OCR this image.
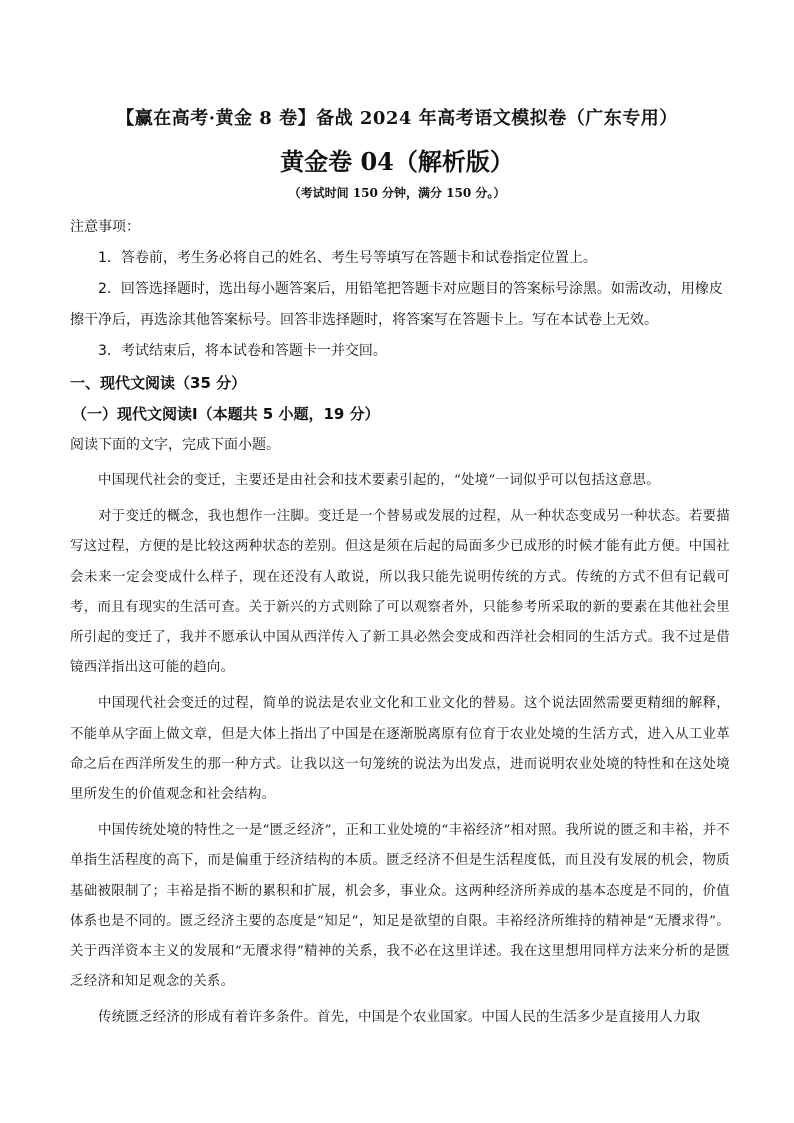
【赢在高考·黄金 8 卷】备战 2024 年高考语文模拟卷（广东专用）
黄金卷 04（解析版）
（考试时间 150 分钟，满分 150 分。）

注意事项：

1．答卷前，考生务必将自己的姓名、考生号等填写在答题卡和试卷指定位置上。

2．回答选择题时，选出每小题答案后，用铅笔把答题卡对应题目的答案标号涂黑。如需改动，用橡皮擦干净后，再选涂其他答案标号。回答非选择题时，将答案写在答题卡上。写在本试卷上无效。

3．考试结束后，将本试卷和答题卡一并交回。

一、现代文阅读（35 分）
（一）现代文阅读Ⅰ（本题共 5 小题，19 分）
阅读下面的文字，完成下面小题。

中国现代社会的变迁，主要还是由社会和技术要素引起的，“处境”一词似乎可以包括这意思。

对于变迁的概念，我也想作一注脚。变迁是一个替易或发展的过程，从一种状态变成另一种状态。若要描写这过程，方便的是比较这两种状态的差别。但这是须在后起的局面多少已成形的时候才能有此方便。中国社会未来一定会变成什么样子，现在还没有人敢说，所以我只能先说明传统的方式。传统的方式不但有记载可考，而且有现实的生活可查。关于新兴的方式则除了可以观察者外，只能参考所采取的新的要素在其他社会里所引起的变迁了，我并不愿承认中国从西洋传入了新工具必然会变成和西洋社会相同的生活方式。我不过是借镜西洋指出这可能的趋向。

中国现代社会变迁的过程，简单的说法是农业文化和工业文化的替易。这个说法固然需要更精细的解释，不能单从字面上做文章，但是大体上指出了中国是在逐渐脱离原有位育于农业处境的生活方式，进入从工业革命之后在西洋所发生的那一种方式。让我以这一句笼统的说法为出发点，进而说明农业处境的特性和在这处境里所发生的价值观念和社会结构。

中国传统处境的特性之一是“匮乏经济”，正和工业处境的“丰裕经济”相对照。我所说的匮乏和丰裕，并不单指生活程度的高下，而是偏重于经济结构的本质。匮乏经济不但是生活程度低，而且没有发展的机会，物质基础被限制了；丰裕是指不断的累积和扩展，机会多，事业众。这两种经济所养成的基本态度是不同的，价值体系也是不同的。匮乏经济主要的态度是“知足”，知足是欲望的自限。丰裕经济所维持的精神是“无餍求得”。关于西洋资本主义的发展和“无餍求得”精神的关系，我不必在这里详述。我在这里想用同样方法来分析的是匮乏经济和知足观念的关系。

传统匮乏经济的形成有着许多条件。首先，中国是个农业国家。中国人民的生活多少是直接用人力取
